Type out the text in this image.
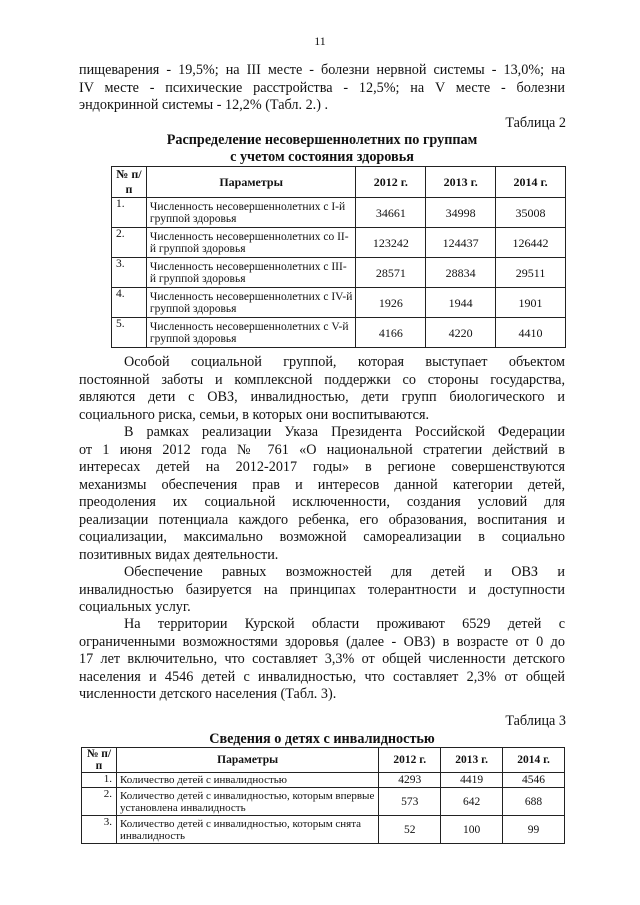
11
пищеварения - 19,5%; на III месте - болезни нервной системы - 13,0%; на
IV месте - психические расстройства - 12,5%; на V месте - болезни
эндокринной системы - 12,2% (Табл. 2.) .
Таблица 2
Распределение несовершеннолетних по группам
с учетом состояния здоровья
№ п/п	Параметры	2012 г.	2013 г.	2014 г.
1.	Численность несовершеннолетних с I-й группой здоровья	34661	34998	35008
2.	Численность несовершеннолетних со II-й группой здоровья	123242	124437	126442
3.	Численность несовершеннолетних с III-й группой здоровья	28571	28834	29511
4.	Численность несовершеннолетних с IV-й группой здоровья	1926	1944	1901
5.	Численность несовершеннолетних с V-й группой здоровья	4166	4220	4410
Особой социальной группой, которая выступает объектом
постоянной заботы и комплексной поддержки со стороны государства,
являются дети с ОВЗ, инвалидностью, дети групп биологического и
социального риска, семьи, в которых они воспитываются.
В рамках реализации Указа Президента Российской Федерации
от 1 июня 2012 года № 761 «О национальной стратегии действий в
интересах детей на 2012-2017 годы» в регионе совершенствуются
механизмы обеспечения прав и интересов данной категории детей,
преодоления их социальной исключенности, создания условий для
реализации потенциала каждого ребенка, его образования, воспитания и
социализации, максимально возможной самореализации в социально
позитивных видах деятельности.
Обеспечение равных возможностей для детей и ОВЗ и
инвалидностью базируется на принципах толерантности и доступности
социальных услуг.
На территории Курской области проживают 6529 детей с
ограниченными возможностями здоровья (далее - ОВЗ) в возрасте от 0 до
17 лет включительно, что составляет 3,3% от общей численности детского
населения и 4546 детей с инвалидностью, что составляет 2,3% от общей
численности детского населения (Табл. 3).
Таблица 3
Сведения о детях с инвалидностью
№ п/п	Параметры	2012 г.	2013 г.	2014 г.
1.	Количество детей с инвалидностью	4293	4419	4546
2.	Количество детей с инвалидностью, которым впервые установлена инвалидность	573	642	688
3.	Количество детей с инвалидностью, которым снята инвалидность	52	100	99
